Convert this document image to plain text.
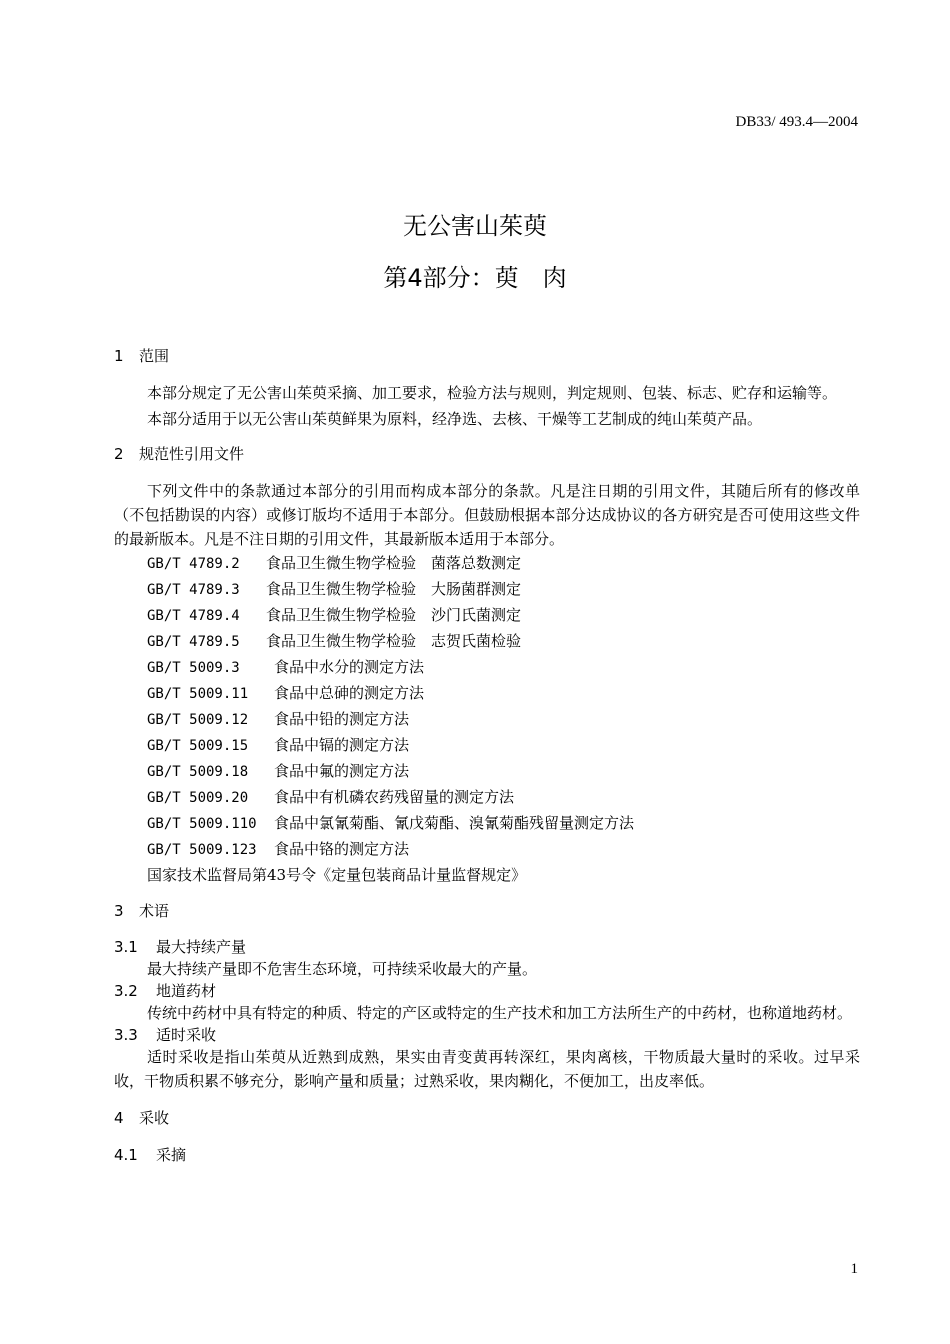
DB33/ 493.4—2004
无公害山茱萸
第4部分：萸　肉
1 范围
本部分规定了无公害山茱萸采摘、加工要求，检验方法与规则，判定规则、包装、标志、贮存和运输等。
本部分适用于以无公害山茱萸鲜果为原料，经净选、去核、干燥等工艺制成的纯山茱萸产品。
2 规范性引用文件
下列文件中的条款通过本部分的引用而构成本部分的条款。凡是注日期的引用文件，其随后所有的修改单（不包括勘误的内容）或修订版均不适用于本部分。但鼓励根据本部分达成协议的各方研究是否可使用这些文件的最新版本。凡是不注日期的引用文件，其最新版本适用于本部分。
GB/T 4789.2 食品卫生微生物学检验　菌落总数测定
GB/T 4789.3 食品卫生微生物学检验　大肠菌群测定
GB/T 4789.4 食品卫生微生物学检验　沙门氏菌测定
GB/T 4789.5 食品卫生微生物学检验　志贺氏菌检验
GB/T 5009.3 食品中水分的测定方法
GB/T 5009.11 食品中总砷的测定方法
GB/T 5009.12 食品中铅的测定方法
GB/T 5009.15 食品中镉的测定方法
GB/T 5009.18 食品中氟的测定方法
GB/T 5009.20 食品中有机磷农药残留量的测定方法
GB/T 5009.110 食品中氯氰菊酯、氰戊菊酯、溴氰菊酯残留量测定方法
GB/T 5009.123 食品中铬的测定方法
国家技术监督局第43号令《定量包装商品计量监督规定》
3 术语
3.1 最大持续产量
最大持续产量即不危害生态环境，可持续采收最大的产量。
3.2 地道药材
传统中药材中具有特定的种质、特定的产区或特定的生产技术和加工方法所生产的中药材，也称道地药材。
3.3 适时采收
适时采收是指山茱萸从近熟到成熟，果实由青变黄再转深红，果肉离核，干物质最大量时的采收。过早采收，干物质积累不够充分，影响产量和质量；过熟采收，果肉糊化，不便加工，出皮率低。
4 采收
4.1 采摘
1
